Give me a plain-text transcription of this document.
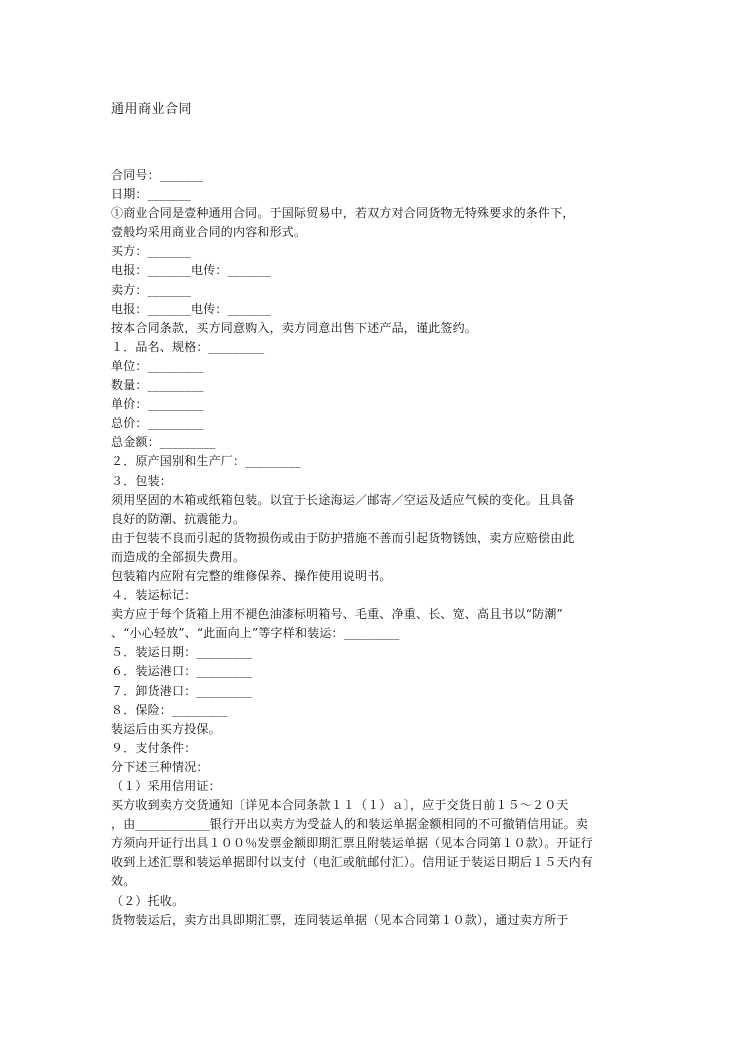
通用商业合同
合同号：_______
日期：_______
①商业合同是壹种通用合同。于国际贸易中，若双方对合同货物无特殊要求的条件下，
壹般均采用商业合同的内容和形式。
买方：_______
电报：_______电传：_______
卖方：_______
电报：_______电传：_______
按本合同条款，买方同意购入，卖方同意出售下述产品，谨此签约。
１．品名、规格：_________
单位：_________
数量：_________
单价：_________
总价：_________
总金额：_________
２．原产国别和生产厂：_________
３．包装：
须用坚固的木箱或纸箱包装。以宜于长途海运／邮寄／空运及适应气候的变化。且具备
良好的防潮、抗震能力。
由于包装不良而引起的货物损伤或由于防护措施不善而引起货物锈蚀，卖方应赔偿由此
而造成的全部损失费用。
包装箱内应附有完整的维修保养、操作使用说明书。
４．装运标记：
卖方应于每个货箱上用不褪色油漆标明箱号、毛重、净重、长、宽、高且书以“防潮”
、“小心轻放”、“此面向上”等字样和装运：_________
５．装运日期：_________
６．装运港口：_________
７．卸货港口：_________
８．保险：_________
装运后由买方投保。
９．支付条件：
分下述三种情况：
（１）采用信用证：
买方收到卖方交货通知〔详见本合同条款１１（１）ａ〕，应于交货日前１５～２０天
，由____________银行开出以卖方为受益人的和装运单据金额相同的不可撤销信用证。卖
方须向开证行出具１００％发票金额即期汇票且附装运单据（见本合同第１０款）。开证行
收到上述汇票和装运单据即付以支付（电汇或航邮付汇）。信用证于装运日期后１５天内有
效。
（２）托收。
货物装运后，卖方出具即期汇票，连同装运单据（见本合同第１０款），通过卖方所于
